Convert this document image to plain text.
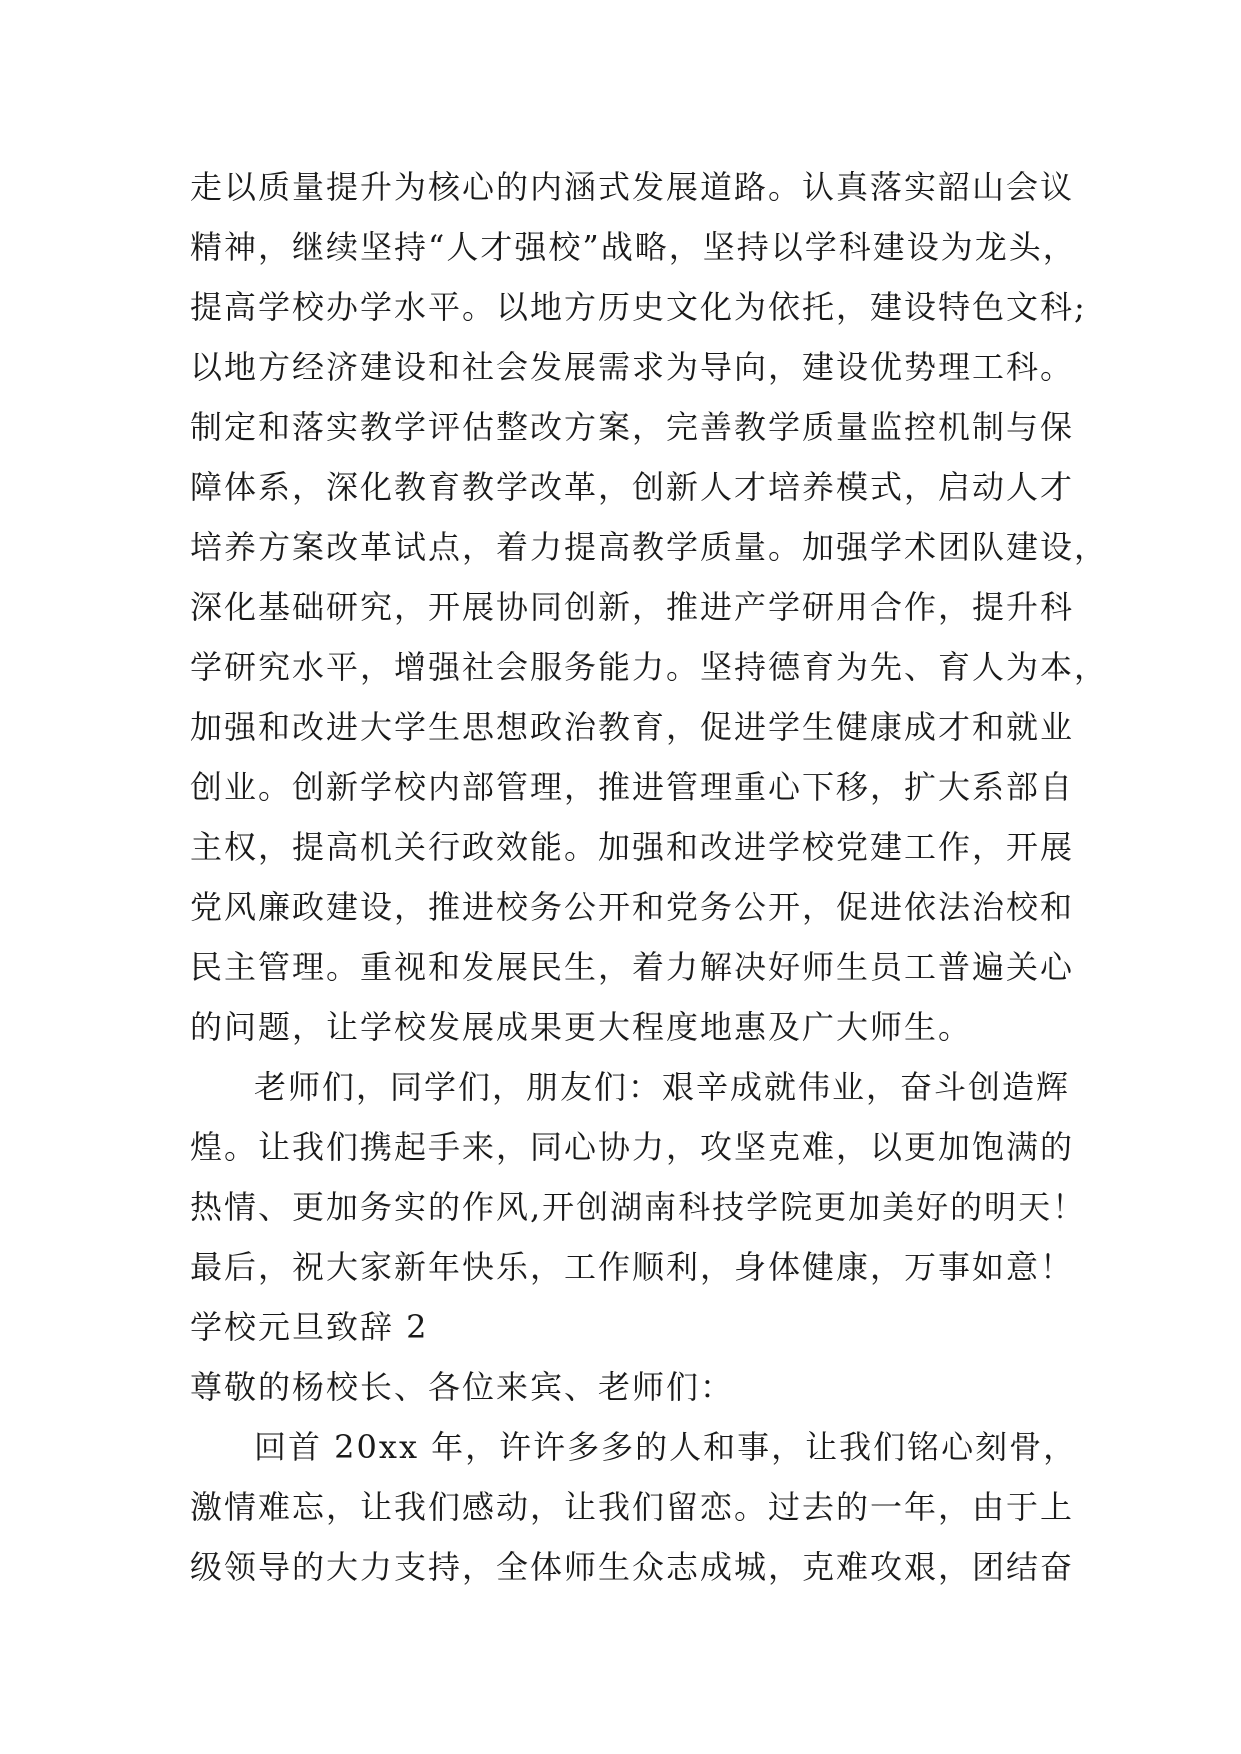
走以质量提升为核心的内涵式发展道路。认真落实韶山会议
精神，继续坚持“人才强校”战略，坚持以学科建设为龙头，
提高学校办学水平。以地方历史文化为依托，建设特色文科;
以地方经济建设和社会发展需求为导向，建设优势理工科。
制定和落实教学评估整改方案，完善教学质量监控机制与保
障体系，深化教育教学改革，创新人才培养模式，启动人才
培养方案改革试点，着力提高教学质量。加强学术团队建设，
深化基础研究，开展协同创新，推进产学研用合作，提升科
学研究水平，增强社会服务能力。坚持德育为先、育人为本，
加强和改进大学生思想政治教育，促进学生健康成才和就业
创业。创新学校内部管理，推进管理重心下移，扩大系部自
主权，提高机关行政效能。加强和改进学校党建工作，开展
党风廉政建设，推进校务公开和党务公开，促进依法治校和
民主管理。重视和发展民生，着力解决好师生员工普遍关心
的问题，让学校发展成果更大程度地惠及广大师生。
老师们，同学们，朋友们：艰辛成就伟业，奋斗创造辉
煌。让我们携起手来，同心协力，攻坚克难，以更加饱满的
热情、更加务实的作风,开创湖南科技学院更加美好的明天！
最后，祝大家新年快乐，工作顺利，身体健康，万事如意！
学校元旦致辞 2
尊敬的杨校长、各位来宾、老师们：
回首 20xx 年，许许多多的人和事，让我们铭心刻骨，
激情难忘，让我们感动，让我们留恋。过去的一年，由于上
级领导的大力支持，全体师生众志成城，克难攻艰，团结奋
